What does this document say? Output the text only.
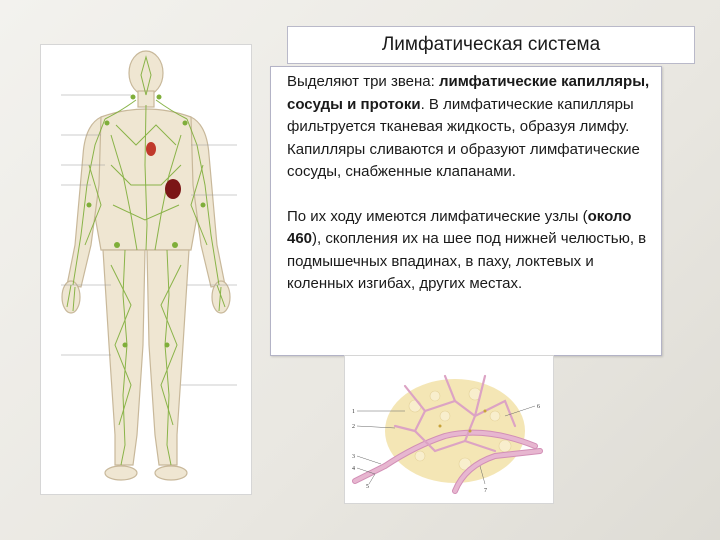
Лимфатическая система

Выделяют три звена: лимфатические капилляры, сосуды и протоки. В лимфатические капилляры фильтруется тканевая жидкость, образуя лимфу. Капилляры сливаются и образуют лимфатические сосуды, снабженные клапанами.

По их ходу имеются лимфатические узлы (около 460), скопления их на шее под нижней челюстью, в подмышечных впадинах, в паху, локтевых и коленных изгибах, других местах.

1
2
3
4
5
6
7
